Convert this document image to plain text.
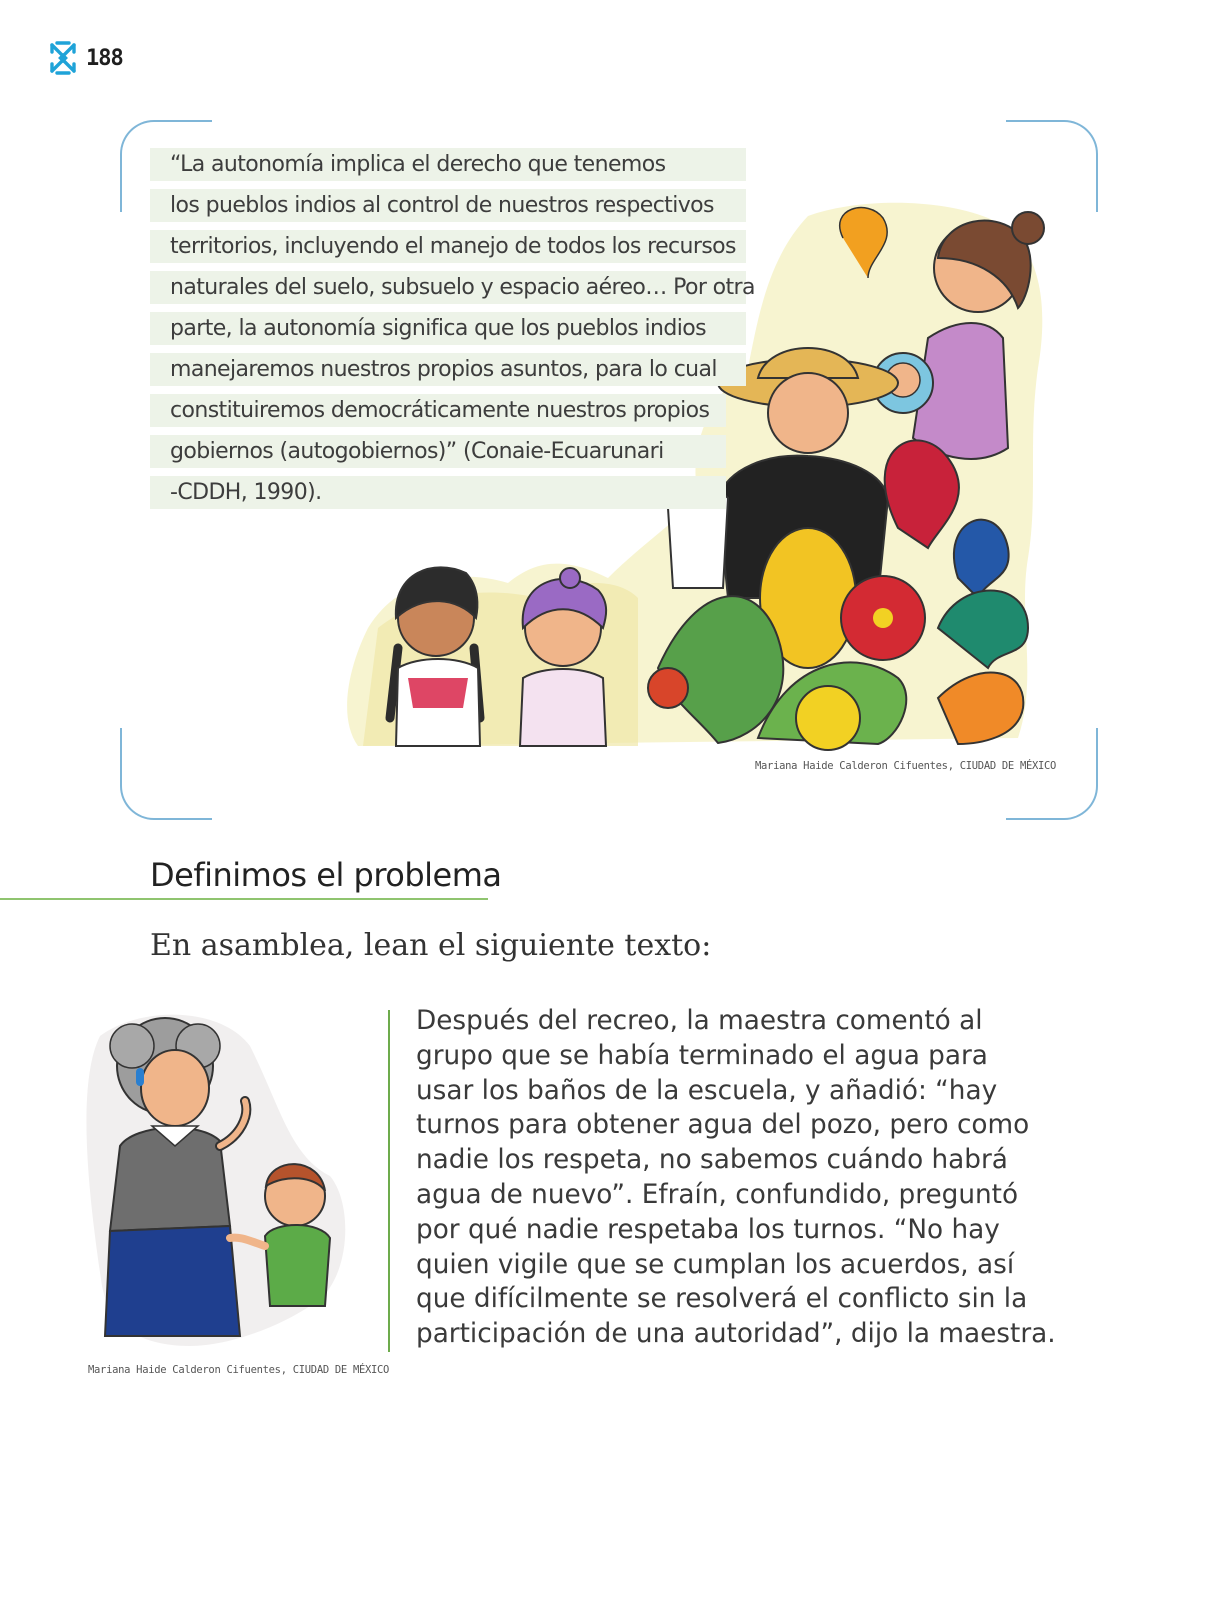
188
“La autonomía implica el derecho que tenemos
los pueblos indios al control de nuestros respectivos
territorios, incluyendo el manejo de todos los recursos
naturales del suelo, subsuelo y espacio aéreo… Por otra
parte, la autonomía significa que los pueblos indios
manejaremos nuestros propios asuntos, para lo cual
constituiremos democráticamente nuestros propios
gobiernos (autogobiernos)” (Conaie-Ecuarunari
-CDDH, 1990).
Mariana Haide Calderon Cifuentes, CIUDAD DE MÉXICO
Definimos el problema
En asamblea, lean el siguiente texto:
Mariana Haide Calderon Cifuentes, CIUDAD DE MÉXICO
Después del recreo, la maestra comentó al
grupo que se había terminado el agua para
usar los baños de la escuela, y añadió: “hay
turnos para obtener agua del pozo, pero como
nadie los respeta, no sabemos cuándo habrá
agua de nuevo”. Efraín, confundido, preguntó
por qué nadie respetaba los turnos. “No hay
quien vigile que se cumplan los acuerdos, así
que difícilmente se resolverá el conflicto sin la
participación de una autoridad”, dijo la maestra.
